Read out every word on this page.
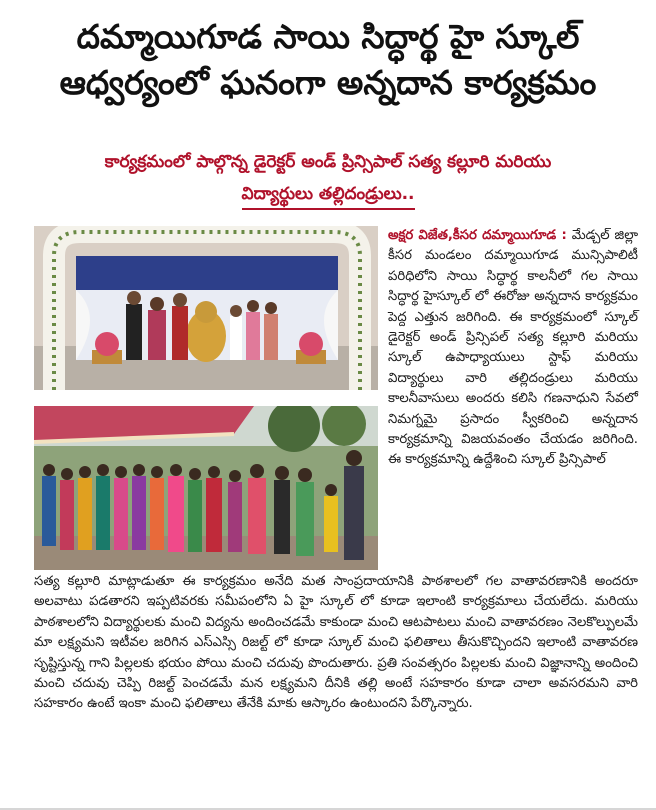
దమ్మాయిగూడ సాయి సిద్ధార్థ హై స్కూల్
ఆధ్వర్యంలో ఘనంగా అన్నదాన కార్యక్రమం
కార్యక్రమంలో పాల్గొన్న డైరెక్టర్ అండ్ ప్రిన్సిపాల్ సత్య కల్లూరి మరియు
విద్యార్థులు తల్లిదండ్రులు..
అక్షర విజేత,కీసర దమ్మాయిగూడ : మేడ్చల్ జిల్లా కీసర మండలం దమ్మాయిగూడ మున్సిపాలిటీ పరిధిలోని సాయి సిద్ధార్థ కాలనీలో గల సాయి సిద్ధార్థ హైస్కూల్ లో ఈరోజు అన్నదాన కార్యక్రమం పెద్ద ఎత్తున జరిగింది. ఈ కార్యక్రమంలో స్కూల్ డైరెక్టర్ అండ్ ప్రిన్సిపల్ సత్య కల్లూరి మరియు స్కూల్ ఉపాధ్యాయులు స్టాఫ్ మరియు విద్యార్థులు వారి తల్లిదండ్రులు మరియు కాలనీవాసులు అందరు కలిసి గణనాధుని సేవలో నిమగ్నమై ప్రసాదం స్వీకరించి అన్నదాన కార్యక్రమాన్ని విజయవంతం చేయడం జరిగింది. ఈ కార్యక్రమాన్ని ఉద్దేశించి స్కూల్ ప్రిన్సిపాల్
సత్య కల్లూరి మాట్లాడుతూ ఈ కార్యక్రమం అనేది మత సాంప్రదాయానికి పాఠశాలలో గల వాతావరణానికి అందరూ అలవాటు పడతారని ఇప్పటివరకు సమీపంలోని ఏ హై స్కూల్ లో కూడా ఇలాంటి కార్యక్రమాలు చేయలేదు. మరియు పాఠశాలలోని విద్యార్థులకు మంచి విద్యను అందించడమే కాకుండా మంచి ఆటపాటలు మంచి వాతావరణం నెలకొల్పులమే మా లక్ష్యమని ఇటీవల జరిగిన ఎస్ఎస్సి రిజల్ట్ లో కూడా స్కూల్ మంచి ఫలితాలు తీసుకొచ్చిందని ఇలాంటి వాతావరణ సృష్టిస్తున్న గాని పిల్లలకు భయం పోయి మంచి చదువు పొందుతారు. ప్రతి సంవత్సరం పిల్లలకు మంచి విజ్ఞానాన్ని అందించి మంచి చదువు చెప్పి రిజల్ట్ పెంచడమే మన లక్ష్యమని దీనికి తల్లి అంటే సహకారం కూడా చాలా అవసరమని వారి సహకారం ఉంటే ఇంకా మంచి ఫలితాలు తేనేకి మాకు ఆస్కారం ఉంటుందని పేర్కొన్నారు.
